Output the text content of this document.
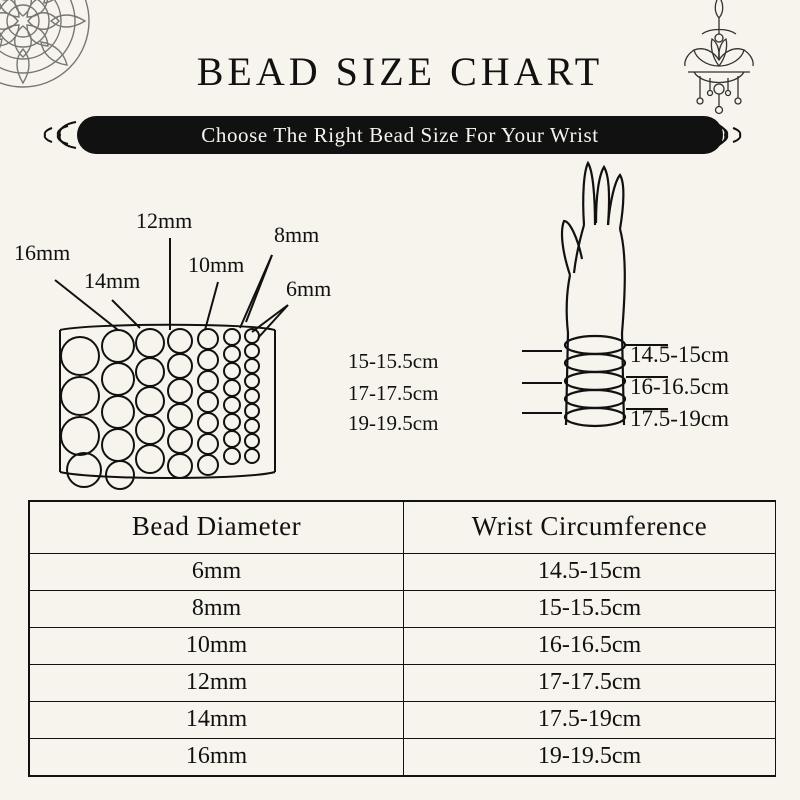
BEAD SIZE CHART
Choose The Right Bead Size For Your Wrist
16mm
14mm
12mm
10mm
8mm
6mm
15-15.5cm
17-17.5cm
19-19.5cm
14.5-15cm
16-16.5cm
17.5-19cm
Bead Diameter	Wrist Circumference
6mm	14.5-15cm
8mm	15-15.5cm
10mm	16-16.5cm
12mm	17-17.5cm
14mm	17.5-19cm
16mm	19-19.5cm
